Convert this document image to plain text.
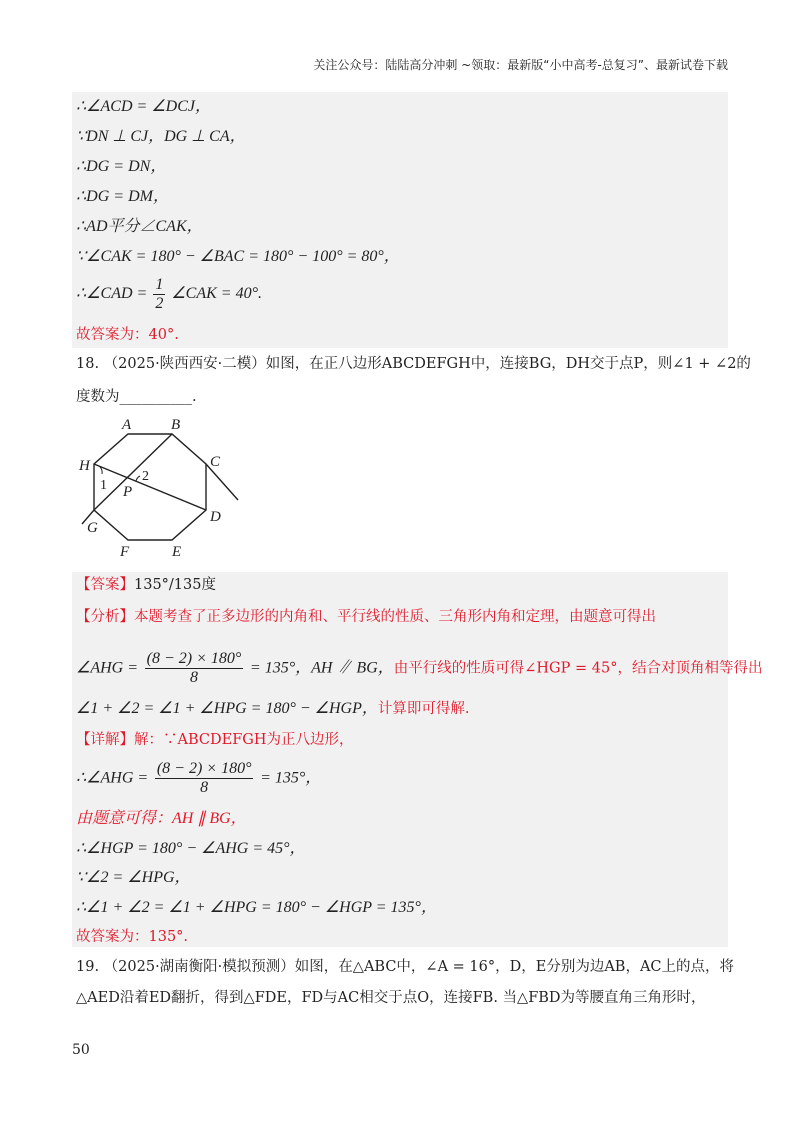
关注公众号：陆陆高分冲刺 ~领取：最新版“小中高考-总复习”、最新试卷下载
∴∠ACD = ∠DCJ，
∵DN ⊥ CJ，DG ⊥ CA，
∴DG = DN，
∴DG = DM，
∴AD平分∠CAK，
∵∠CAK = 180° − ∠BAC = 180° − 100° = 80°，
∴∠CAD = $\frac{1}{2}$ ∠CAK = 40°.
故答案为：40°.
18. （2025·陕西西安·二模）如图，在正八边形ABCDEFGH中，连接BG，DH交于点P，则∠1 + ∠2的
度数为__________.
A	B
C
D
E
F
G
H
P
1
2
【答案】135°/135度
【分析】本题考查了正多边形的内角和、平行线的性质、三角形内角和定理，由题意可得出
∠AHG = $\frac{(8 - 2) \times 180^\circ}{8} = 135^\circ$，AH ∥ BG，由平行线的性质可得∠HGP = 45°，结合对顶角相等得出
∠1 + ∠2 = ∠1 + ∠HPG = 180° − ∠HGP，计算即可得解.
【详解】解：∵ABCDEFGH为正八边形，
∴∠AHG = $\frac{(8 - 2) \times 180^\circ}{8} = 135^\circ$，
由题意可得：AH ∥ BG，
∴∠HGP = 180° − ∠AHG = 45°，
∵∠2 = ∠HPG，
∴∠1 + ∠2 = ∠1 + ∠HPG = 180° − ∠HGP = 135°，
故答案为：135°.
19. （2025·湖南衡阳·模拟预测）如图，在△ABC中，∠A = 16°，D，E分别为边AB，AC上的点，将
△AED沿着ED翻折，得到△FDE，FD与AC相交于点O，连接FB. 当△FBD为等腰直角三角形时，
50
